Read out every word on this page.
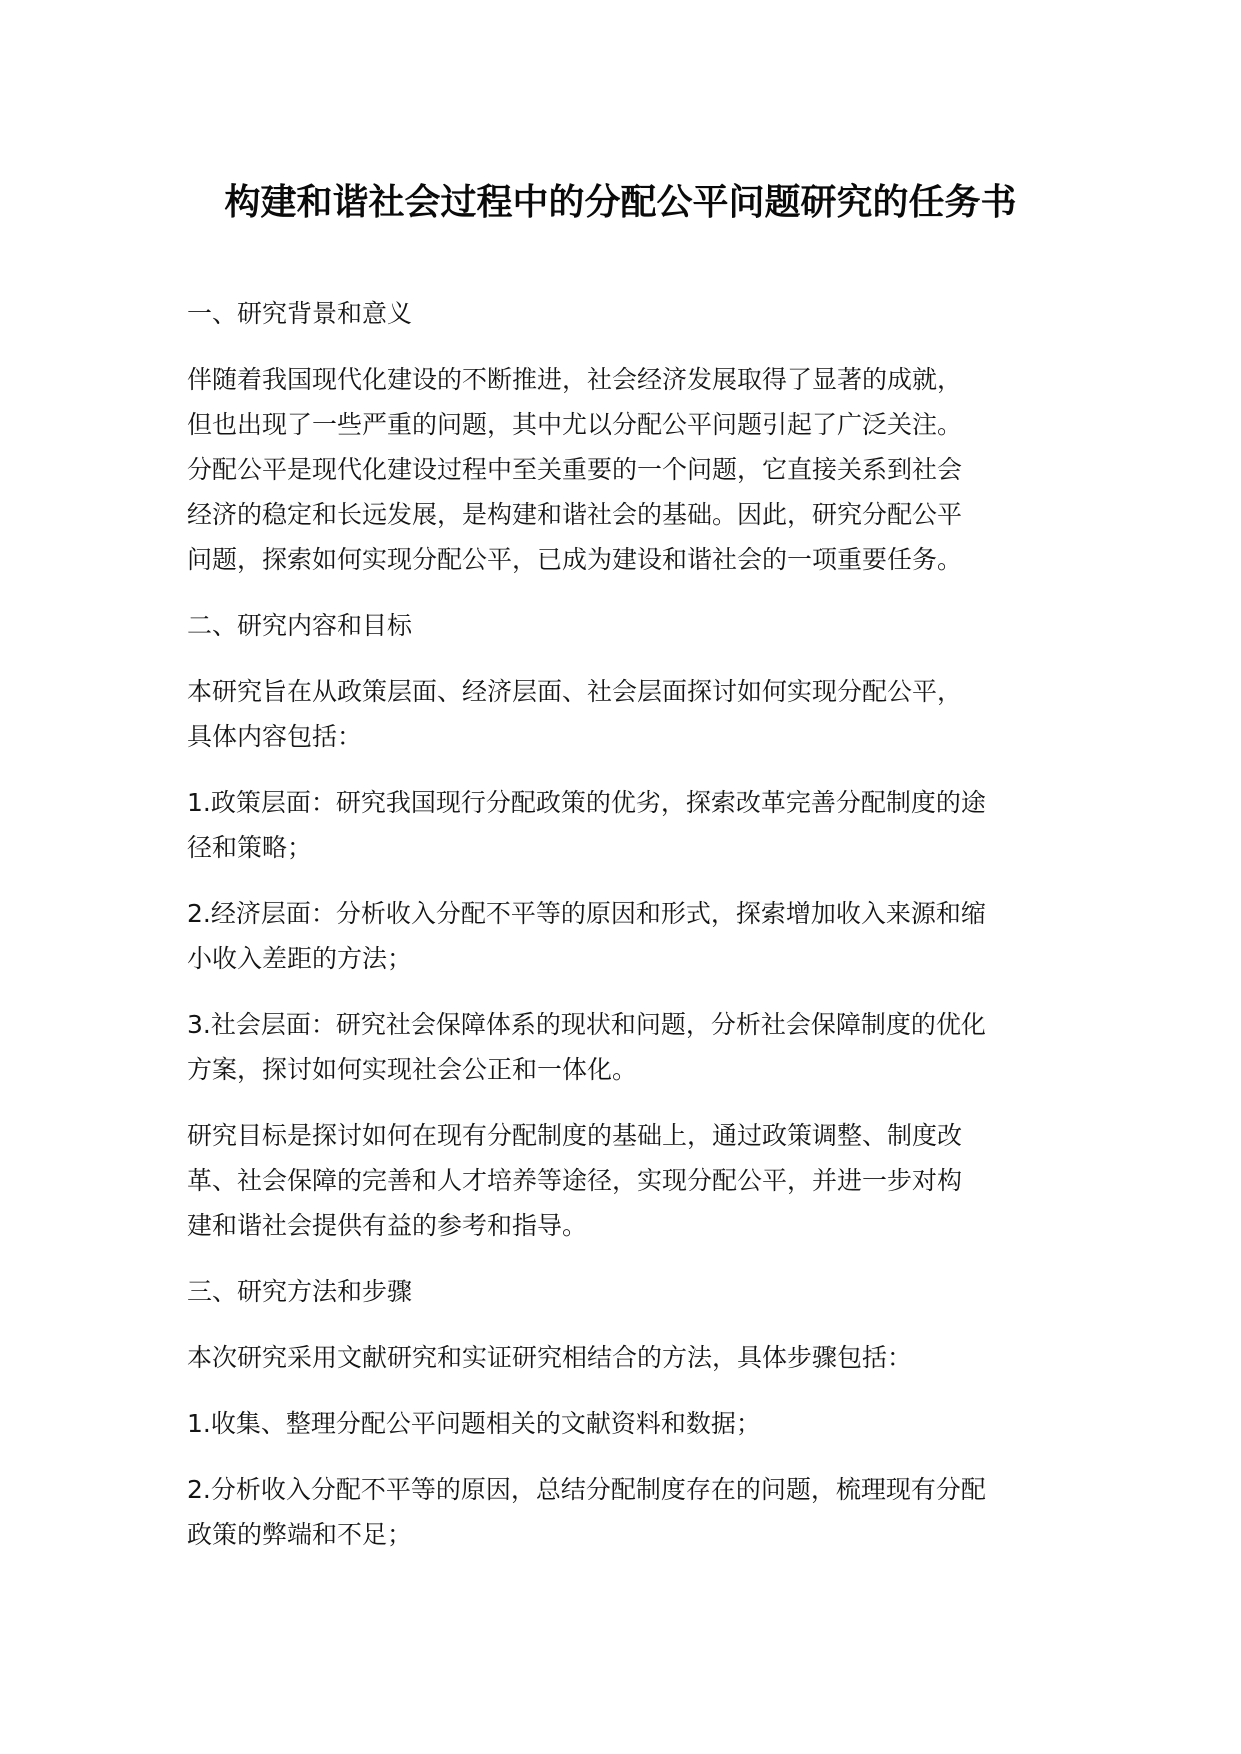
构建和谐社会过程中的分配公平问题研究的任务书

一、研究背景和意义

伴随着我国现代化建设的不断推进，社会经济发展取得了显著的成就，
但也出现了一些严重的问题，其中尤以分配公平问题引起了广泛关注。
分配公平是现代化建设过程中至关重要的一个问题，它直接关系到社会
经济的稳定和长远发展，是构建和谐社会的基础。因此，研究分配公平
问题，探索如何实现分配公平，已成为建设和谐社会的一项重要任务。

二、研究内容和目标

本研究旨在从政策层面、经济层面、社会层面探讨如何实现分配公平，
具体内容包括：

1.政策层面：研究我国现行分配政策的优劣，探索改革完善分配制度的途
径和策略；

2.经济层面：分析收入分配不平等的原因和形式，探索增加收入来源和缩
小收入差距的方法；

3.社会层面：研究社会保障体系的现状和问题，分析社会保障制度的优化
方案，探讨如何实现社会公正和一体化。

研究目标是探讨如何在现有分配制度的基础上，通过政策调整、制度改
革、社会保障的完善和人才培养等途径，实现分配公平，并进一步对构
建和谐社会提供有益的参考和指导。

三、研究方法和步骤

本次研究采用文献研究和实证研究相结合的方法，具体步骤包括：

1.收集、整理分配公平问题相关的文献资料和数据；

2.分析收入分配不平等的原因，总结分配制度存在的问题，梳理现有分配
政策的弊端和不足；
